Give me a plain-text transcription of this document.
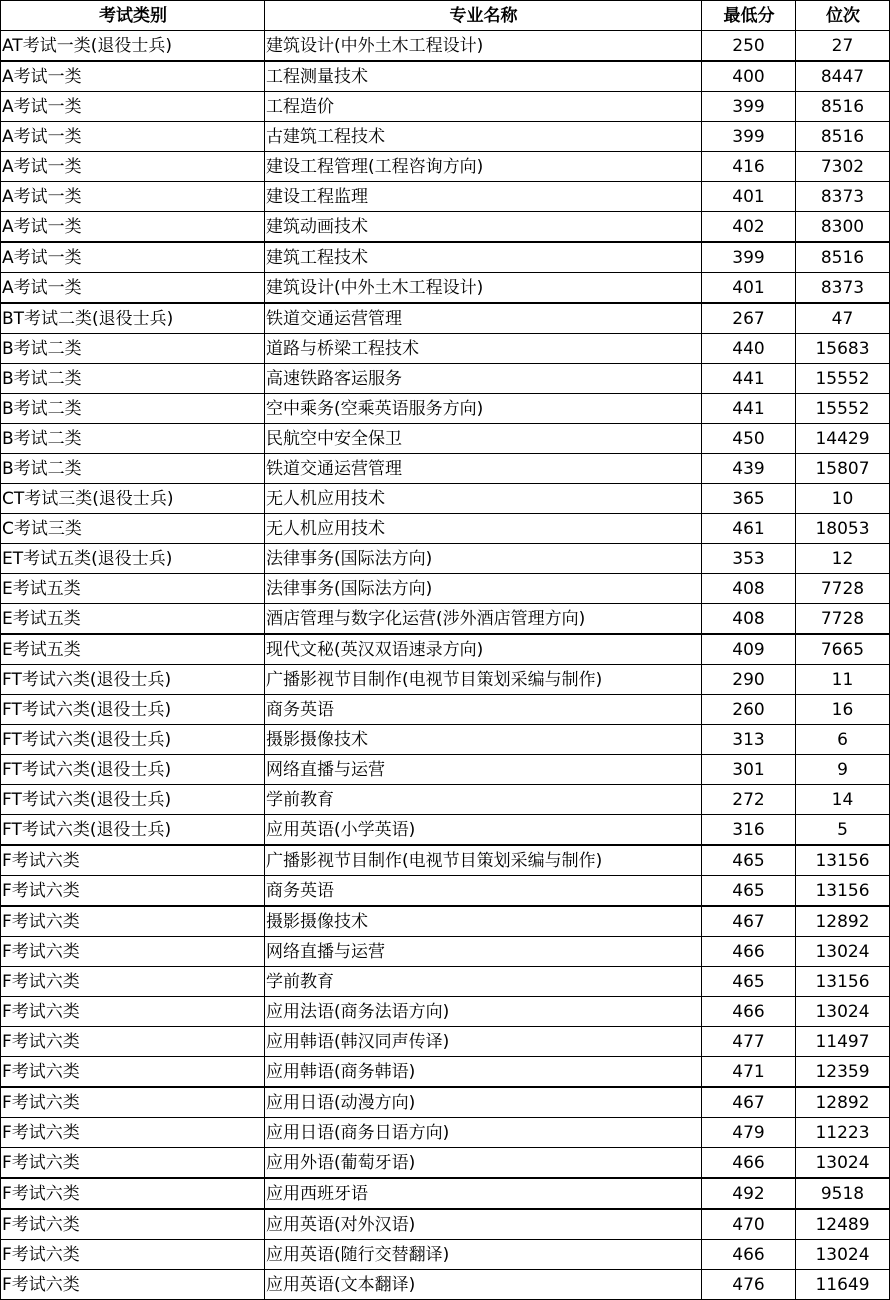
考试类别	专业名称	最低分	位次
AT考试一类(退役士兵)	建筑设计(中外土木工程设计)	250	27
A考试一类	工程测量技术	400	8447
A考试一类	工程造价	399	8516
A考试一类	古建筑工程技术	399	8516
A考试一类	建设工程管理(工程咨询方向)	416	7302
A考试一类	建设工程监理	401	8373
A考试一类	建筑动画技术	402	8300
A考试一类	建筑工程技术	399	8516
A考试一类	建筑设计(中外土木工程设计)	401	8373
BT考试二类(退役士兵)	铁道交通运营管理	267	47
B考试二类	道路与桥梁工程技术	440	15683
B考试二类	高速铁路客运服务	441	15552
B考试二类	空中乘务(空乘英语服务方向)	441	15552
B考试二类	民航空中安全保卫	450	14429
B考试二类	铁道交通运营管理	439	15807
CT考试三类(退役士兵)	无人机应用技术	365	10
C考试三类	无人机应用技术	461	18053
ET考试五类(退役士兵)	法律事务(国际法方向)	353	12
E考试五类	法律事务(国际法方向)	408	7728
E考试五类	酒店管理与数字化运营(涉外酒店管理方向)	408	7728
E考试五类	现代文秘(英汉双语速录方向)	409	7665
FT考试六类(退役士兵)	广播影视节目制作(电视节目策划采编与制作)	290	11
FT考试六类(退役士兵)	商务英语	260	16
FT考试六类(退役士兵)	摄影摄像技术	313	6
FT考试六类(退役士兵)	网络直播与运营	301	9
FT考试六类(退役士兵)	学前教育	272	14
FT考试六类(退役士兵)	应用英语(小学英语)	316	5
F考试六类	广播影视节目制作(电视节目策划采编与制作)	465	13156
F考试六类	商务英语	465	13156
F考试六类	摄影摄像技术	467	12892
F考试六类	网络直播与运营	466	13024
F考试六类	学前教育	465	13156
F考试六类	应用法语(商务法语方向)	466	13024
F考试六类	应用韩语(韩汉同声传译)	477	11497
F考试六类	应用韩语(商务韩语)	471	12359
F考试六类	应用日语(动漫方向)	467	12892
F考试六类	应用日语(商务日语方向)	479	11223
F考试六类	应用外语(葡萄牙语)	466	13024
F考试六类	应用西班牙语	492	9518
F考试六类	应用英语(对外汉语)	470	12489
F考试六类	应用英语(随行交替翻译)	466	13024
F考试六类	应用英语(文本翻译)	476	11649
